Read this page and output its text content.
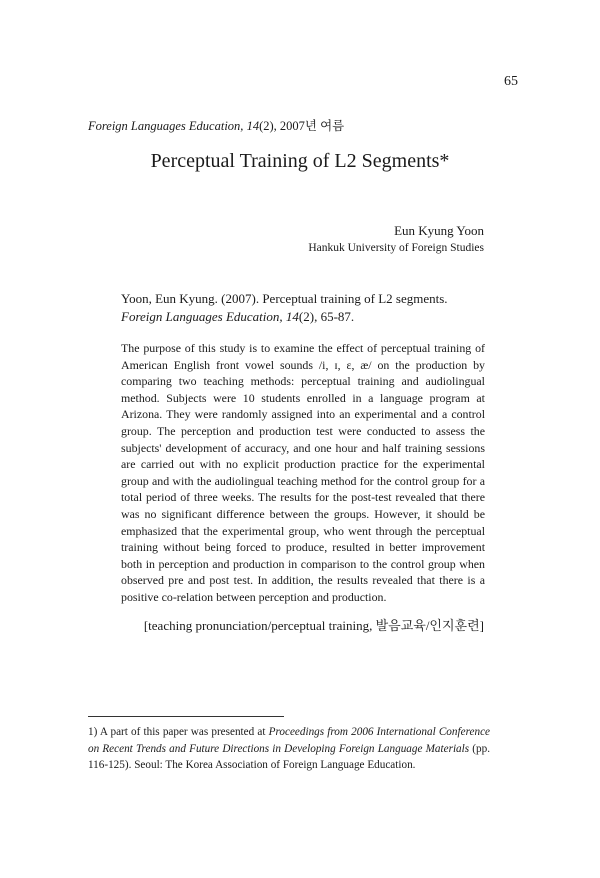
65
Foreign Languages Education, 14(2), 2007년 여름
Perceptual Training of L2 Segments*
Eun Kyung Yoon
Hankuk University of Foreign Studies
Yoon, Eun Kyung. (2007). Perceptual training of L2 segments.
Foreign Languages Education, 14(2), 65-87.

The purpose of this study is to examine the effect of perceptual training of American English front vowel sounds /i, ɪ, ɛ, æ/ on the production by comparing two teaching methods: perceptual training and audiolingual method. Subjects were 10 students enrolled in a language program at Arizona. They were randomly assigned into an experimental and a control group. The perception and production test were conducted to assess the subjects' development of accuracy, and one hour and half training sessions are carried out with no explicit production practice for the experimental group and with the audiolingual teaching method for the control group for a total period of three weeks. The results for the post-test revealed that there was no significant difference between the groups. However, it should be emphasized that the experimental group, who went through the perceptual training without being forced to produce, resulted in better improvement both in perception and production in comparison to the control group when observed pre and post test. In addition, the results revealed that there is a positive co-relation between perception and production.

[teaching pronunciation/perceptual training, 발음교육/인지훈련]
1) A part of this paper was presented at Proceedings from 2006 International Conference on Recent Trends and Future Directions in Developing Foreign Language Materials (pp. 116-125). Seoul: The Korea Association of Foreign Language Education.
